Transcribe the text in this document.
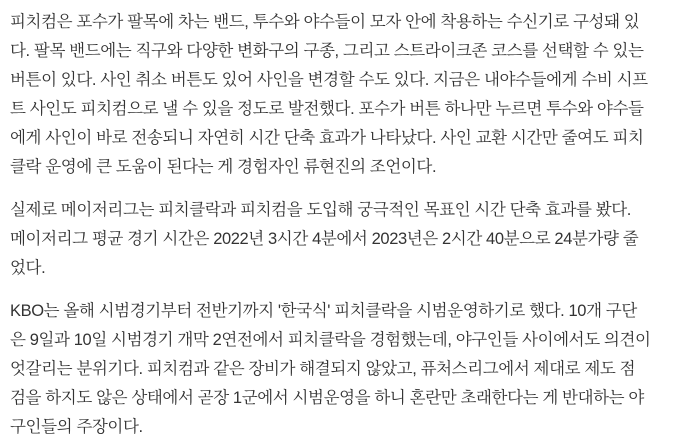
피치컴은 포수가 팔목에 차는 밴드, 투수와 야수들이 모자 안에 착용하는 수신기로 구성돼 있
다. 팔목 밴드에는 직구와 다양한 변화구의 구종, 그리고 스트라이크존 코스를 선택할 수 있는
버튼이 있다. 사인 취소 버튼도 있어 사인을 변경할 수도 있다. 지금은 내야수들에게 수비 시프
트 사인도 피치컴으로 낼 수 있을 정도로 발전했다. 포수가 버튼 하나만 누르면 투수와 야수들
에게 사인이 바로 전송되니 자연히 시간 단축 효과가 나타났다. 사인 교환 시간만 줄여도 피치
클락 운영에 큰 도움이 된다는 게 경험자인 류현진의 조언이다.
실제로 메이저리그는 피치클락과 피치컴을 도입해 궁극적인 목표인 시간 단축 효과를 봤다.
메이저리그 평균 경기 시간은 2022년 3시간 4분에서 2023년은 2시간 40분으로 24분가량 줄
었다.
KBO는 올해 시범경기부터 전반기까지 '한국식' 피치클락을 시범운영하기로 했다. 10개 구단
은 9일과 10일 시범경기 개막 2연전에서 피치클락을 경험했는데, 야구인들 사이에서도 의견이
엇갈리는 분위기다. 피치컴과 같은 장비가 해결되지 않았고, 퓨처스리그에서 제대로 제도 점
검을 하지도 않은 상태에서 곧장 1군에서 시범운영을 하니 혼란만 초래한다는 게 반대하는 야
구인들의 주장이다.
